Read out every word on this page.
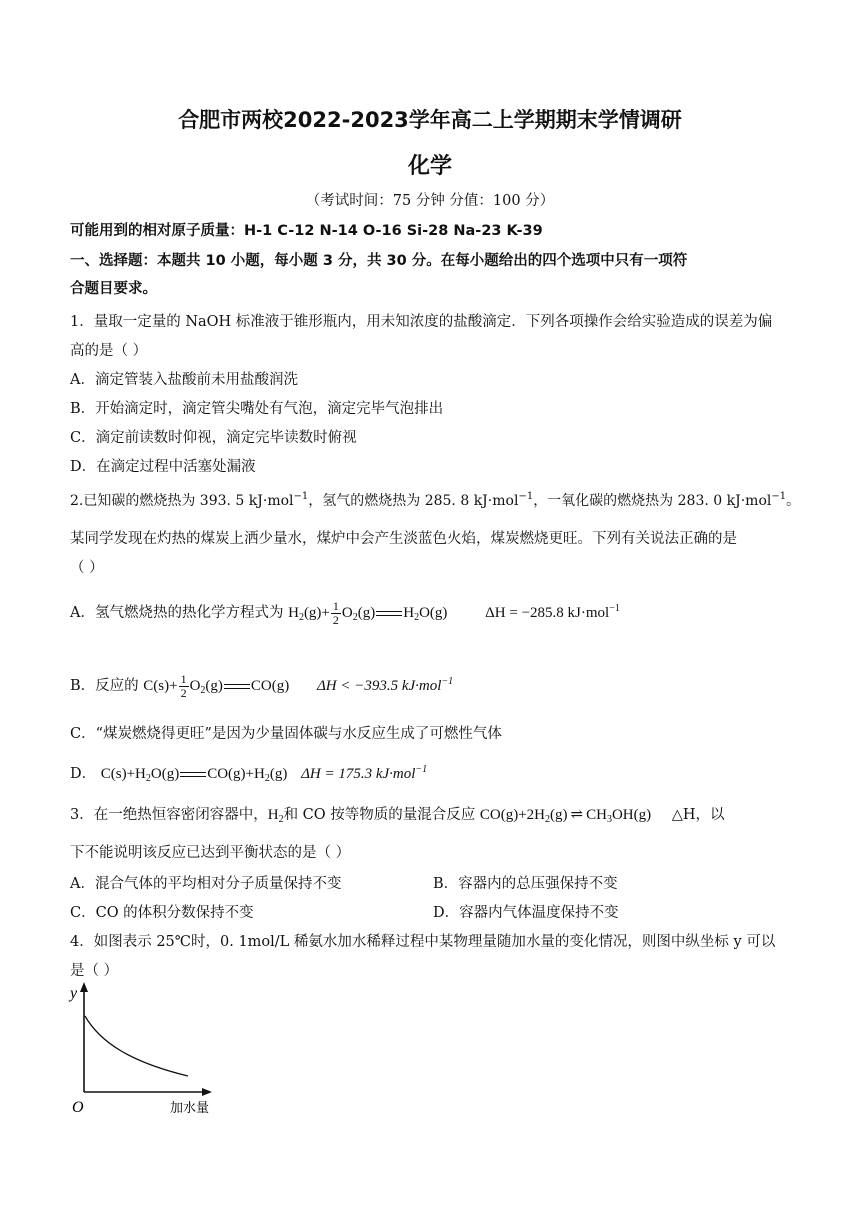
合肥市两校2022-2023学年高二上学期期末学情调研
化学
（考试时间：75 分钟 分值：100 分）
可能用到的相对原子质量：H-1 C-12 N-14 O-16 Si-28 Na-23 K-39
一、选择题：本题共 10 小题，每小题 3 分，共 30 分。在每小题给出的四个选项中只有一项符
合题目要求。
1．量取一定量的 NaOH 标准液于锥形瓶内，用未知浓度的盐酸滴定．下列各项操作会给实验造成的误差为偏
高的是（ ）
A．滴定管装入盐酸前未用盐酸润洗
B．开始滴定时，滴定管尖嘴处有气泡，滴定完毕气泡排出
C．滴定前读数时仰视，滴定完毕读数时俯视
D．在滴定过程中活塞处漏液
2.已知碳的燃烧热为 393. 5 kJ·mol$^{-1}$，氢气的燃烧热为 285. 8 kJ·mol$^{-1}$，一氧化碳的燃烧热为 283. 0 kJ·mol$^{-1}$。
某同学发现在灼热的煤炭上洒少量水，煤炉中会产生淡蓝色火焰，煤炭燃烧更旺。下列有关说法正确的是
（ ）
A．氢气燃烧热的热化学方程式为 $H_2(g)+ \frac{1}{2} O_2(g)$ $H_2O(g)$	ΔH = −285.8 kJ·mol$^{-1}$
B．反应的 $C(s)+ \frac{1}{2} O_2(g)$ CO(g) ΔH < −393.5 kJ·mol$^{-1}$
C．“煤炭燃烧得更旺”是因为少量固体碳与水反应生成了可燃性气体
D． $C(s)+H_2O(g)$ $CO(g)+H_2(g) \Delta H = 175.3$ kJ·mol$^{-1}$
3．在一绝热恒容密闭容器中，$H_2$和 CO 按等物质的量混合反应 $CO(g)+2H_2(g)$ ⇌ $CH_3OH(g)$ △H，以
下不能说明该反应已达到平衡状态的是（ ）
A．混合气体的平均相对分子质量保持不变	B．容器内的总压强保持不变
C．CO 的体积分数保持不变	D．容器内气体温度保持不变
4．如图表示 25℃时，0. 1mol/L 稀氨水加水稀释过程中某物理量随加水量的变化情况，则图中纵坐标 y 可以
是（ ）
y
O	加水量
